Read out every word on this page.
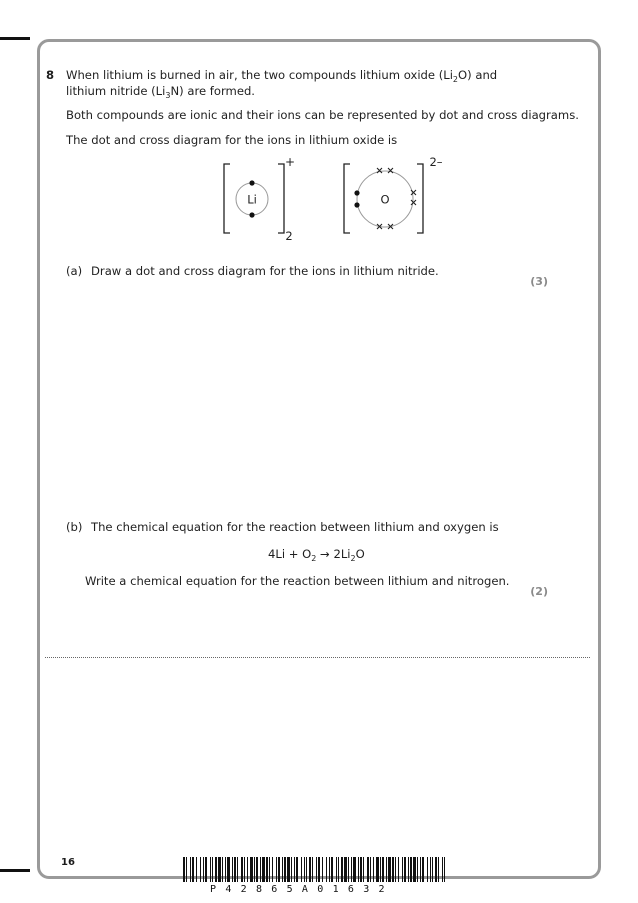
8 When lithium is burned in air, the two compounds lithium oxide $(Li_2O)$ and
lithium nitride $(Li_3N)$ are formed.
Both compounds are ionic and their ions can be represented by dot and cross diagrams.
The dot and cross diagram for the ions in lithium oxide is
Li
+
2
O
2–
(a) Draw a dot and cross diagram for the ions in lithium nitride.
(3)
(b) The chemical equation for the reaction between lithium and oxygen is
$4Li + O_2 \to 2Li_2O$
Write a chemical equation for the reaction between lithium and nitrogen.
(2)
16
P42865A01632
